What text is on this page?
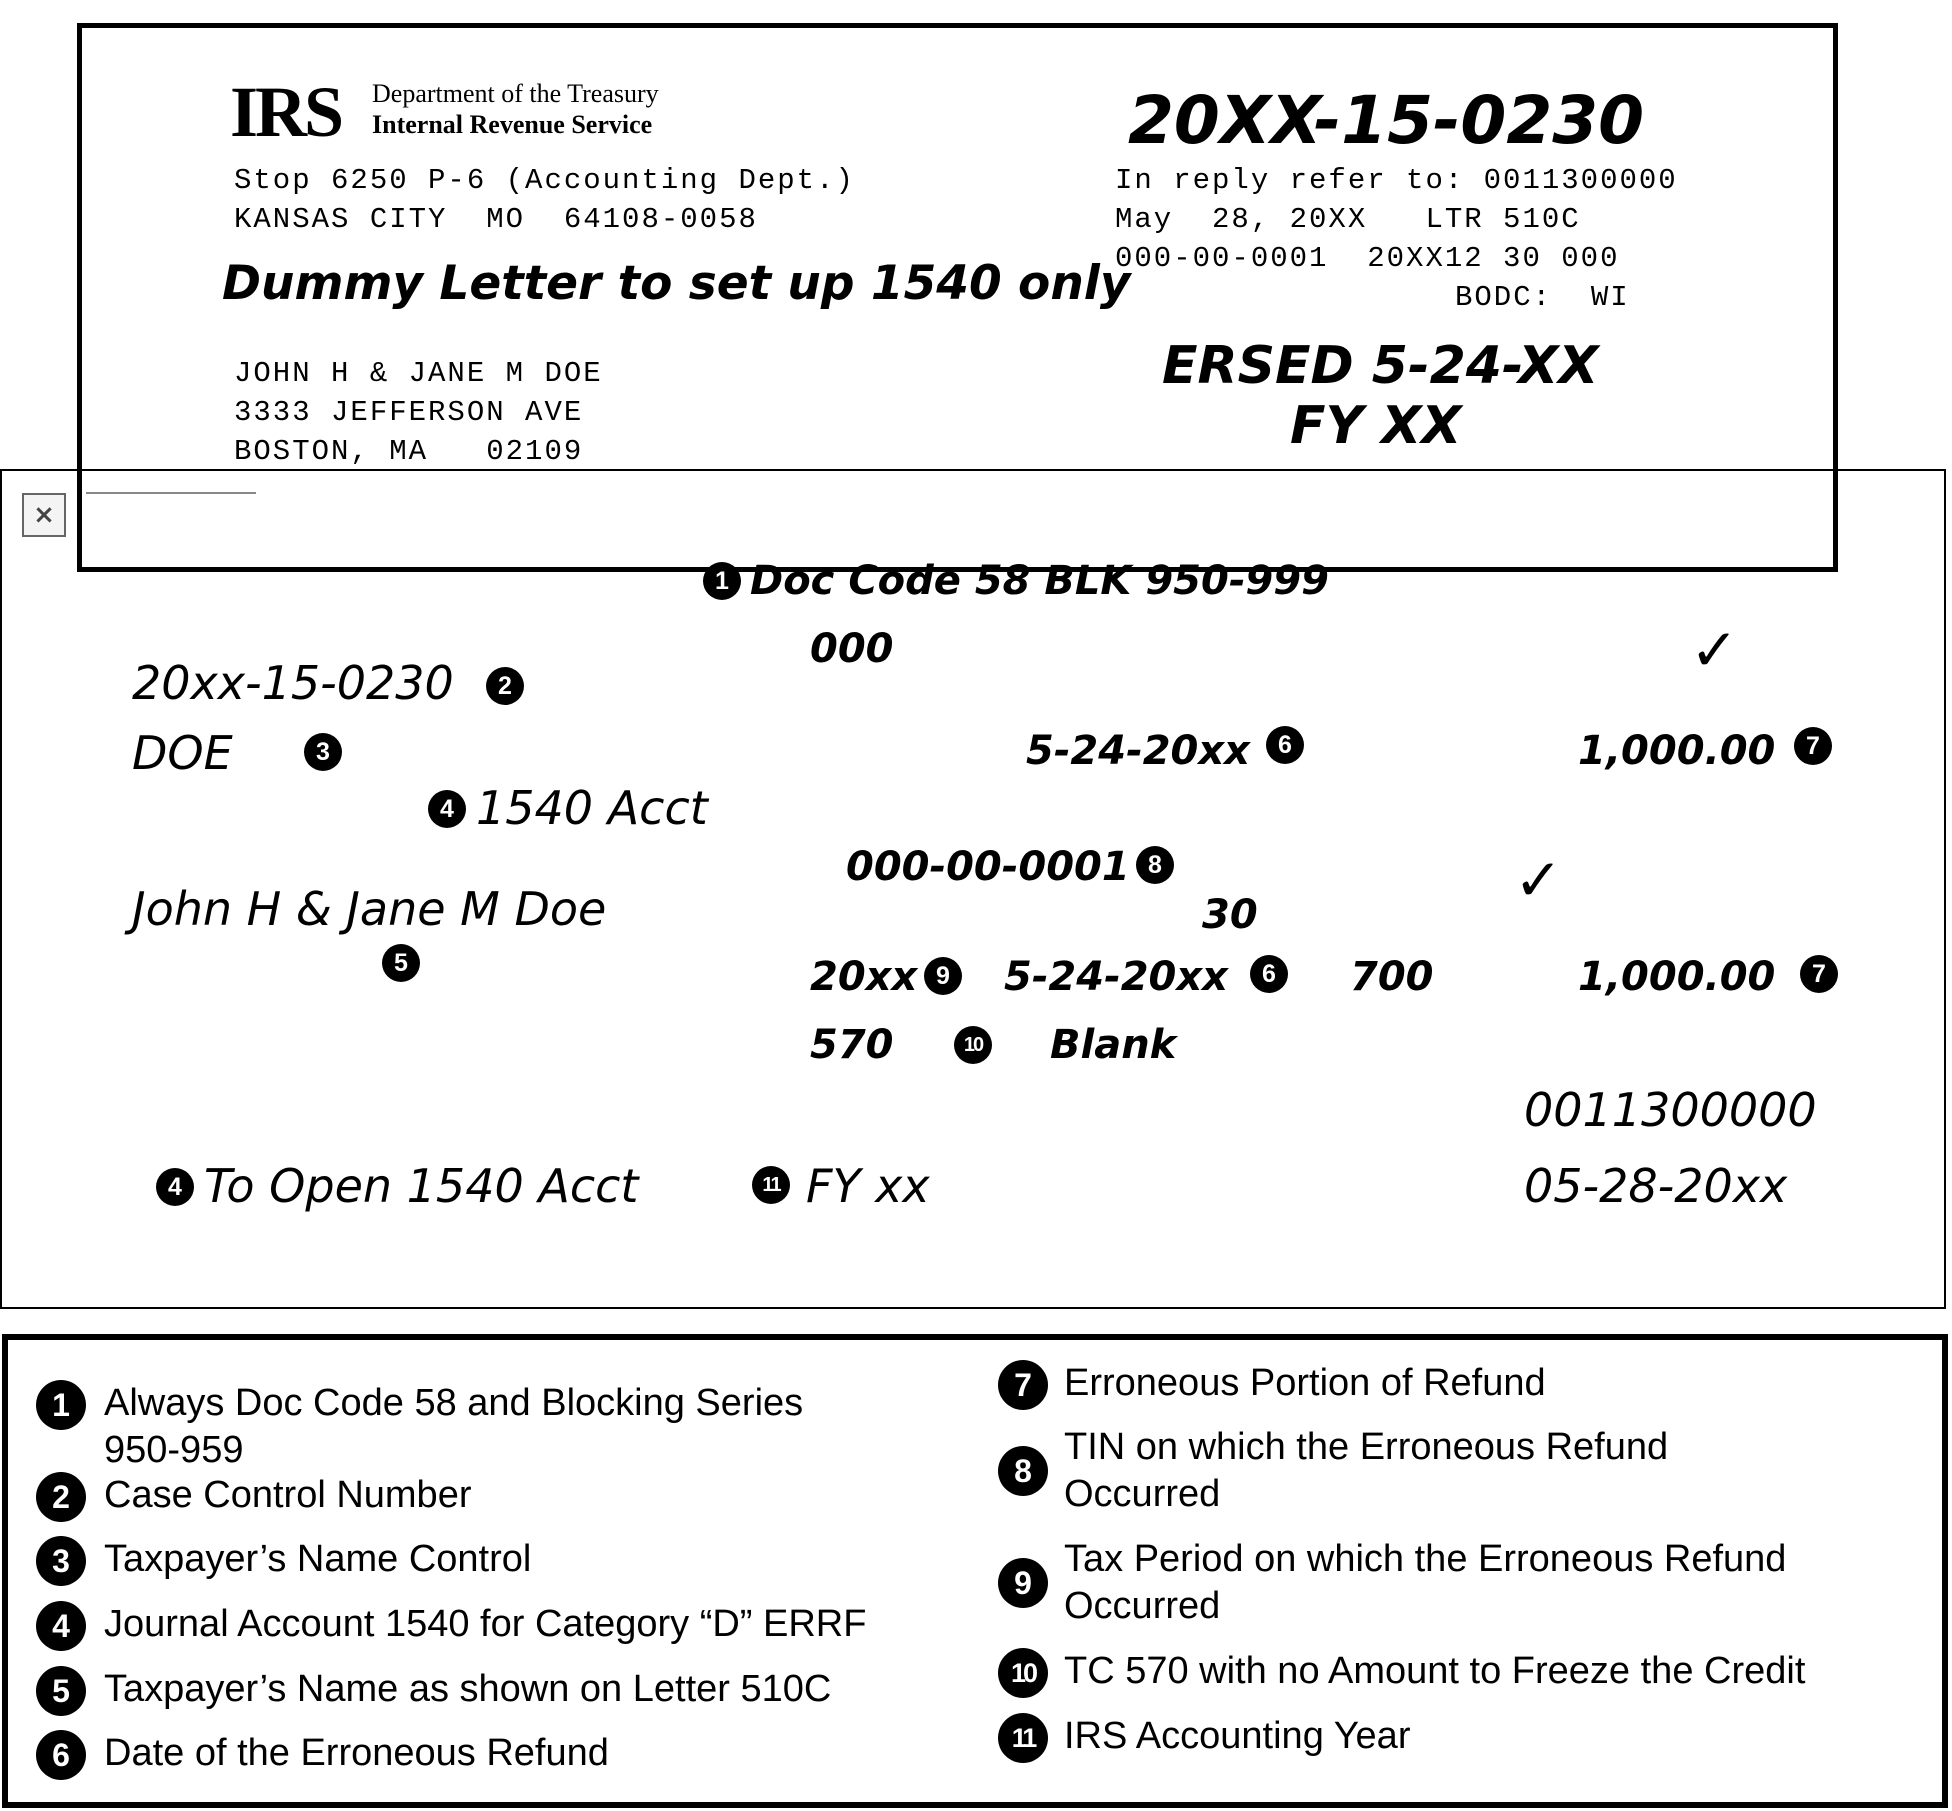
IRS Department of the Treasury
Internal Revenue Service
Stop 6250 P-6 (Accounting Dept.)
KANSAS CITY  MO  64108-0058
Dummy Letter to set up 1540 only
JOHN H & JANE M DOE
3333 JEFFERSON AVE
BOSTON, MA   02109
20XX-15-0230
In reply refer to: 0011300000
May  28, 20XX   LTR 510C
000-00-0001  20XX12 30 000
BODC:  WI
ERSED 5-24-XX
FY XX
×
1 Doc Code 58 BLK 950-999
000	✓
20xx-15-0230	2
DOE	3	5-24-20xx	6	1,000.00	7
4 1540 Acct
000-00-0001 8	✓
John H & Jane M Doe	30
5	20xx 9	5-24-20xx	6	700	1,000.00	7
570	10 Blank
0011300000
4 To Open 1540 Acct	11 FY xx	05-28-20xx
1 Always Doc Code 58 and Blocking Series
950-959
2 Case Control Number
3 Taxpayer’s Name Control
4 Journal Account 1540 for Category “D” ERRF
5 Taxpayer’s Name as shown on Letter 510C
6 Date of the Erroneous Refund
7 Erroneous Portion of Refund
8
TIN on which the Erroneous Refund
Occurred
9
Tax Period on which the Erroneous Refund
Occurred
10 TC 570 with no Amount to Freeze the Credit
11 IRS Accounting Year
